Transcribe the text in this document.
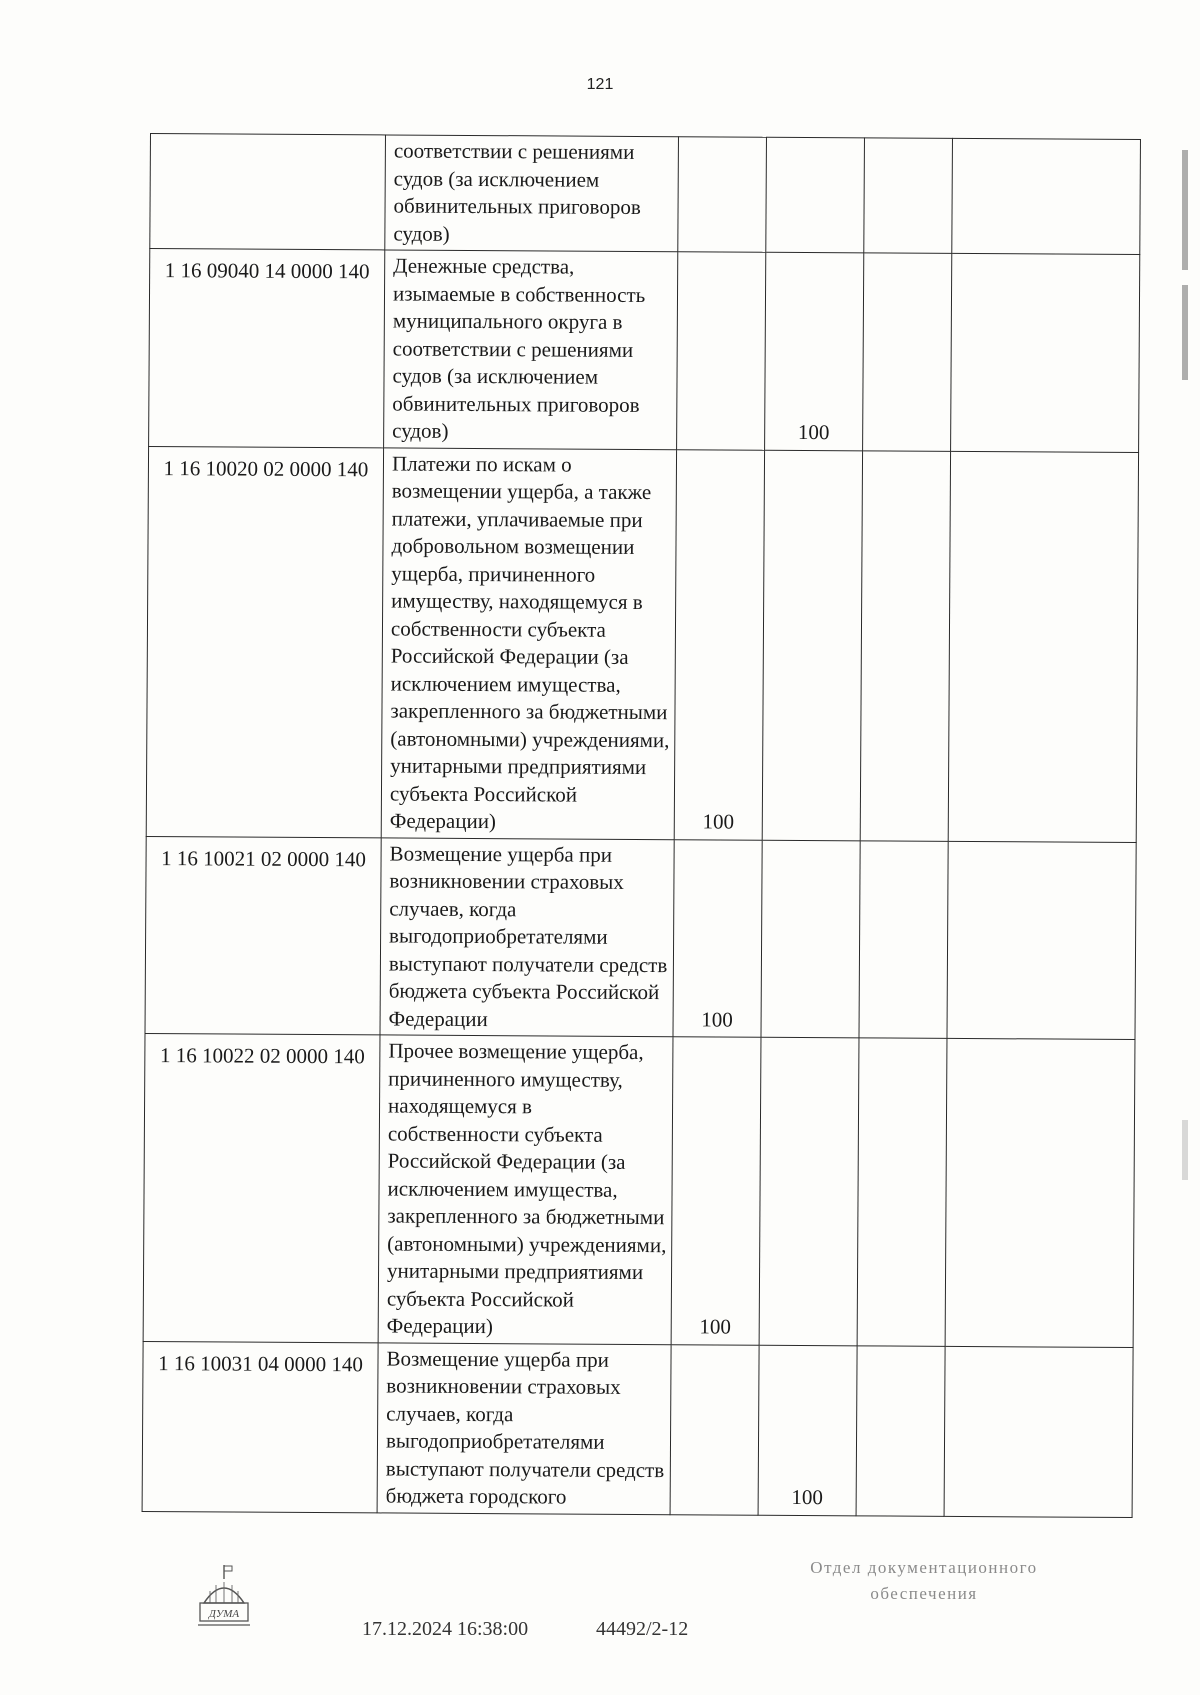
121
	соответствии с решениями судов (за исключением обвинительных приговоров судов)				
1 16 09040 14 0000 140	Денежные средства, изымаемые в собственность муниципального округа в соответствии с решениями судов (за исключением обвинительных приговоров судов)		100		
1 16 10020 02 0000 140	Платежи по искам о возмещении ущерба, а также платежи, уплачиваемые при добровольном возмещении ущерба, причиненного имуществу, находящемуся в собственности субъекта Российской Федерации (за исключением имущества, закрепленного за бюджетными (автономными) учреждениями, унитарными предприятиями субъекта Российской Федерации)	100			
1 16 10021 02 0000 140	Возмещение ущерба при возникновении страховых случаев, когда выгодоприобретателями выступают получатели средств бюджета субъекта Российской Федерации	100			
1 16 10022 02 0000 140	Прочее возмещение ущерба, причиненного имуществу, находящемуся в собственности субъекта Российской Федерации (за исключением имущества, закрепленного за бюджетными (автономными) учреждениями, унитарными предприятиями субъекта Российской Федерации)	100			
1 16 10031 04 0000 140	Возмещение ущерба при возникновении страховых случаев, когда выгодоприобретателями выступают получатели средств бюджета городского		100		
ДУМА
17.12.2024 16:38:00	44492/2-12
Отдел документационного
обеспечения
